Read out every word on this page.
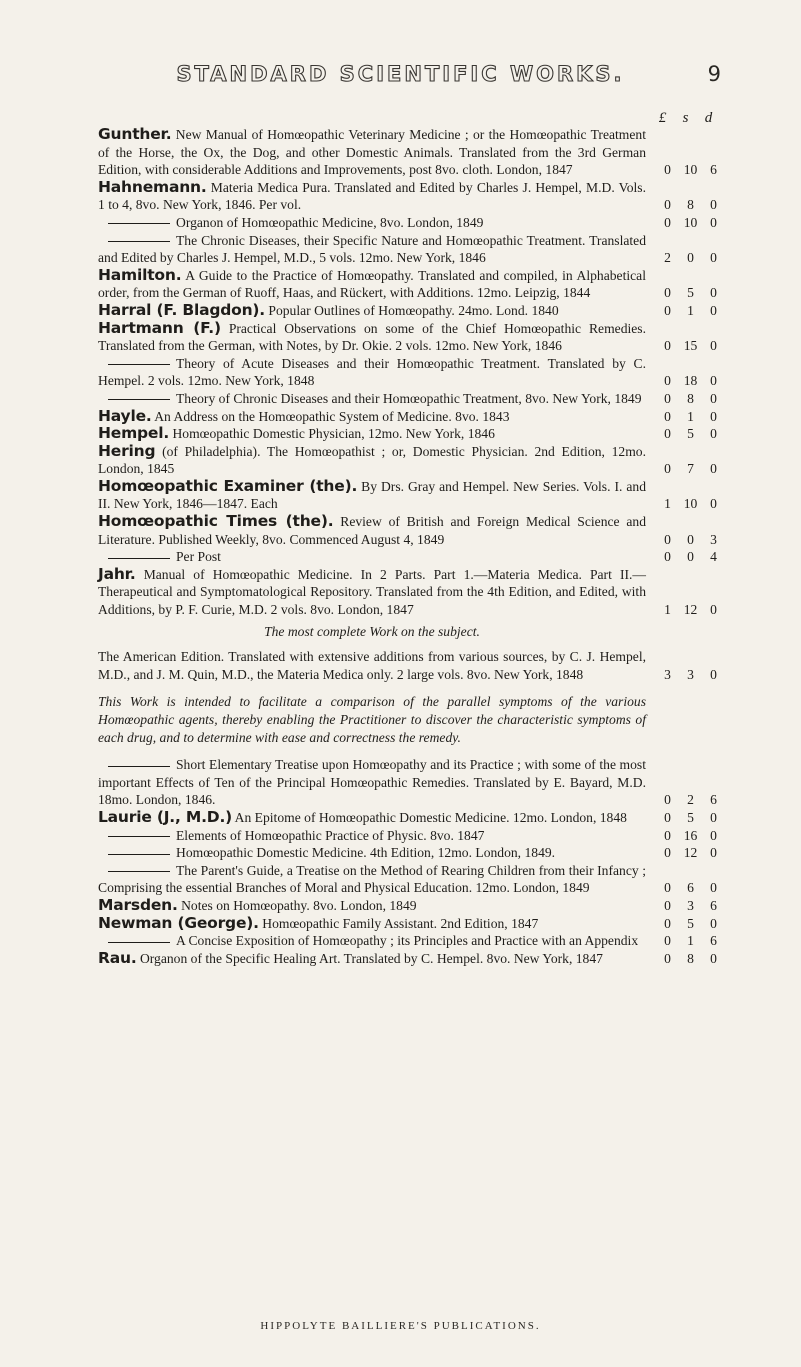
STANDARD SCIENTIFIC WORKS.	9
£	s	d
Gunther. New Manual of Homœopathic Veterinary Medicine ; or the Homœopathic Treatment of the Horse, the Ox, the Dog, and other Domestic Animals. Translated from the 3rd German Edition, with considerable Additions and Improvements, post 8vo. cloth. London, 1847	0 10 6
Hahnemann. Materia Medica Pura. Translated and Edited by Charles J. Hempel, M.D. Vols. 1 to 4, 8vo. New York, 1846. Per vol.	0	8	0
Organon of Homœopathic Medicine, 8vo. London, 1849	0 10 0
The Chronic Diseases, their Specific Nature and Homœopathic Treatment. Translated and Edited by Charles J. Hempel, M.D., 5 vols. 12mo. New York, 1846	2	0	0
Hamilton. A Guide to the Practice of Homœopathy. Translated and compiled, in Alphabetical order, from the German of Ruoff, Haas, and Rückert, with Additions. 12mo. Leipzig, 1844	0	5	0
Harral (F. Blagdon). Popular Outlines of Homœopathy. 24mo. Lond. 1840	0	1	0
Hartmann (F.) Practical Observations on some of the Chief Homœopathic Remedies. Translated from the German, with Notes, by Dr. Okie. 2 vols. 12mo. New York, 1846	0 15 0
Theory of Acute Diseases and their Homœopathic Treatment. Translated by C. Hempel. 2 vols. 12mo. New York, 1848	0 18 0
Theory of Chronic Diseases and their Homœopathic Treatment, 8vo. New York, 1849	0	8	0
Hayle. An Address on the Homœopathic System of Medicine. 8vo. 1843	0	1	0
Hempel. Homœopathic Domestic Physician, 12mo. New York, 1846	0	5	0
Hering (of Philadelphia). The Homœopathist ; or, Domestic Physician. 2nd Edition, 12mo. London, 1845	0	7	0
Homœopathic Examiner (the). By Drs. Gray and Hempel. New Series. Vols. I. and II. New York, 1846—1847. Each	1 10 0
Homœopathic Times (the). Review of British and Foreign Medical Science and Literature. Published Weekly, 8vo. Commenced August 4, 1849	0	0	3
Per Post	0	0	4
Jahr. Manual of Homœopathic Medicine. In 2 Parts. Part 1.—Materia Medica. Part II.—Therapeutical and Symptomatological Repository. Translated from the 4th Edition, and Edited, with Additions, by P. F. Curie, M.D. 2 vols. 8vo. London, 1847	1 12 0
The most complete Work on the subject.
The American Edition. Translated with extensive additions from various sources, by C. J. Hempel, M.D., and J. M. Quin, M.D., the Materia Medica only. 2 large vols. 8vo. New York, 1848	3	3	0
This Work is intended to facilitate a comparison of the parallel symptoms of the various Homœopathic agents, thereby enabling the Practitioner to discover the characteristic symptoms of each drug, and to determine with ease and correctness the remedy.
Short Elementary Treatise upon Homœopathy and its Practice ; with some of the most important Effects of Ten of the Principal Homœopathic Remedies. Translated by E. Bayard, M.D. 18mo. London, 1846.	0	2	6
Laurie (J., M.D.) An Epitome of Homœopathic Domestic Medicine. 12mo. London, 1848	0	5	0
Elements of Homœopathic Practice of Physic. 8vo. 1847	0 16 0
Homœopathic Domestic Medicine. 4th Edition, 12mo. London, 1849.	0 12 0
The Parent's Guide, a Treatise on the Method of Rearing Children from their Infancy ; Comprising the essential Branches of Moral and Physical Education. 12mo. London, 1849	0	6	0
Marsden. Notes on Homœopathy. 8vo. London, 1849	0	3	6
Newman (George). Homœopathic Family Assistant. 2nd Edition, 1847	0	5	0
A Concise Exposition of Homœopathy ; its Principles and Practice with an Appendix	0	1	6
Rau. Organon of the Specific Healing Art. Translated by C. Hempel. 8vo. New York, 1847	0	8	0
HIPPOLYTE BAILLIERE'S PUBLICATIONS.
